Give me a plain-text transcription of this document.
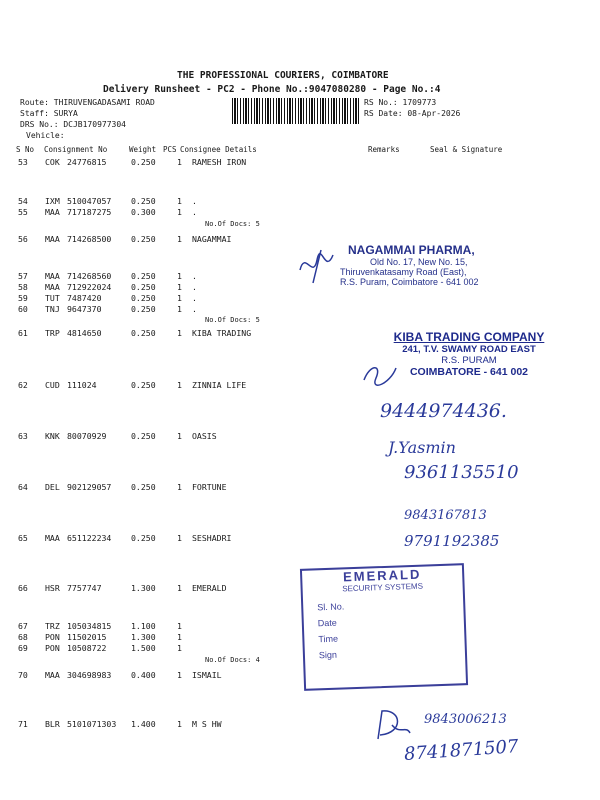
THE PROFESSIONAL COURIERS, COIMBATORE
Delivery Runsheet - PC2 - Phone No.:9047080280 - Page No.:4
Route: THIRUVENGADASAMI ROAD
Staff: SURYA
DRS No.: DCJB170977304
Vehicle:
RS No.: 1709773
RS Date: 08-Apr-2026
S No Consignment No	Weight PCS Consignee Details	Remarks	Seal & Signature
53 COK 24776815	0.250	1 RAMESH IRON
54 IXM 510047057 0.250	1 .
55 MAA 717187275 0.300	1 .
56 MAA 714268500 0.250	1 NAGAMMAI
57 MAA 714268560 0.250	1 .
58 MAA 712922024 0.250	1 .
59 TUT 7487420	0.250	1 .
60 TNJ 9647370	0.250	1 .
61 TRP 4814650	0.250	1 KIBA TRADING
62 CUD 111024	0.250	1 ZINNIA LIFE
63 KNK 80070929	0.250	1 OASIS
64 DEL 902129057 0.250	1 FORTUNE
65 MAA 651122234 0.250	1 SESHADRI
66 HSR 7757747	1.300	1 EMERALD
67 TRZ 105034815 1.100	1
68 PON 11502015	1.300	1
69 PON 10508722	1.500	1
70 MAA 304698983 0.400	1 ISMAIL
71 BLR 5101071303 1.400	1 M S HW
No.Of Docs: 5
No.Of Docs: 5
No.Of Docs: 4
NAGAMMAI PHARMA,
Old No. 17, New No. 15,
Thiruvenkatasamy Road (East),
R.S. Puram, Coimbatore - 641 002
KIBA TRADING COMPANY
241, T.V. SWAMY ROAD EAST
R.S. PURAM
COIMBATORE - 641 002
EMERALD
SECURITY SYSTEMS
Sl. No.
Date
Time
Sign
9444974436.
J.Yasmin
9361135510
9843167813
9791192385
9843006213
8741871507
